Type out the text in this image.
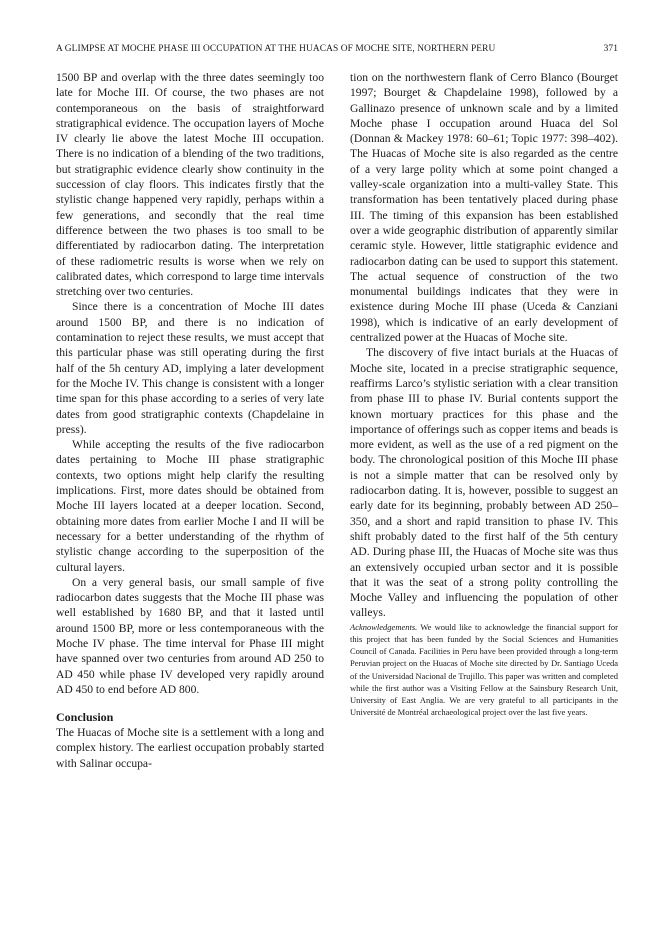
A GLIMPSE AT MOCHE PHASE III OCCUPATION AT THE HUACAS OF MOCHE SITE, NORTHERN PERU	371

1500 BP and overlap with the three dates seemingly too late for Moche III. Of course, the two phases are not contemporaneous on the basis of straightforward stratigraphical evidence. The occupation layers of Moche IV clearly lie above the latest Moche III occupation. There is no indication of a blending of the two traditions, but stratigraphic evidence clearly show continuity in the succession of clay floors. This indicates firstly that the stylistic change happened very rapidly, perhaps within a few generations, and secondly that the real time difference between the two phases is too small to be differentiated by radiocarbon dating. The interpretation of these radiometric results is worse when we rely on calibrated dates, which correspond to large time intervals stretching over two centuries.

Since there is a concentration of Moche III dates around 1500 BP, and there is no indication of contamination to reject these results, we must accept that this particular phase was still operating during the first half of the 5h century AD, implying a later development for the Moche IV. This change is consistent with a longer time span for this phase according to a series of very late dates from good stratigraphic contexts (Chapdelaine in press).

While accepting the results of the five radiocarbon dates pertaining to Moche III phase stratigraphic contexts, two options might help clarify the resulting implications. First, more dates should be obtained from Moche III layers located at a deeper location. Second, obtaining more dates from earlier Moche I and II will be necessary for a better understanding of the rhythm of stylistic change according to the superposition of the cultural layers.

On a very general basis, our small sample of five radiocarbon dates suggests that the Moche III phase was well established by 1680 BP, and that it lasted until around 1500 BP, more or less contemporaneous with the Moche IV phase. The time interval for Phase III might have spanned over two centuries from around AD 250 to AD 450 while phase IV developed very rapidly around AD 450 to end before AD 800.

Conclusion

The Huacas of Moche site is a settlement with a long and complex history. The earliest occupation probably started with Salinar occupa-

tion on the northwestern flank of Cerro Blanco (Bourget 1997; Bourget & Chapdelaine 1998), followed by a Gallinazo presence of unknown scale and by a limited Moche phase I occupation around Huaca del Sol (Donnan & Mackey 1978: 60–61; Topic 1977: 398–402). The Huacas of Moche site is also regarded as the centre of a very large polity which at some point changed a valley-scale organization into a multi-valley State. This transformation has been tentatively placed during phase III. The timing of this expansion has been established over a wide geographic distribution of apparently similar ceramic style. However, little statigraphic evidence and radiocarbon dating can be used to support this statement. The actual sequence of construction of the two monumental buildings indicates that they were in existence during Moche III phase (Uceda & Canziani 1998), which is indicative of an early development of centralized power at the Huacas of Moche site.

The discovery of five intact burials at the Huacas of Moche site, located in a precise stratigraphic sequence, reaffirms Larco’s stylistic seriation with a clear transition from phase III to phase IV. Burial contents support the known mortuary practices for this phase and the importance of offerings such as copper items and beads is more evident, as well as the use of a red pigment on the body. The chronological position of this Moche III phase is not a simple matter that can be resolved only by radiocarbon dating. It is, however, possible to suggest an early date for its beginning, probably between AD 250–350, and a short and rapid transition to phase IV. This shift probably dated to the first half of the 5th century AD. During phase III, the Huacas of Moche site was thus an extensively occupied urban sector and it is possible that it was the seat of a strong polity controlling the Moche Valley and influencing the population of other valleys.

Acknowledgements. We would like to acknowledge the financial support for this project that has been funded by the Social Sciences and Humanities Council of Canada. Facilities in Peru have been provided through a long-term Peruvian project on the Huacas of Moche site directed by Dr. Santiago Uceda of the Universidad Nacional de Trujillo. This paper was written and completed while the first author was a Visiting Fellow at the Sainsbury Research Unit, University of East Anglia. We are very grateful to all participants in the Université de Montréal archaeological project over the last five years.
